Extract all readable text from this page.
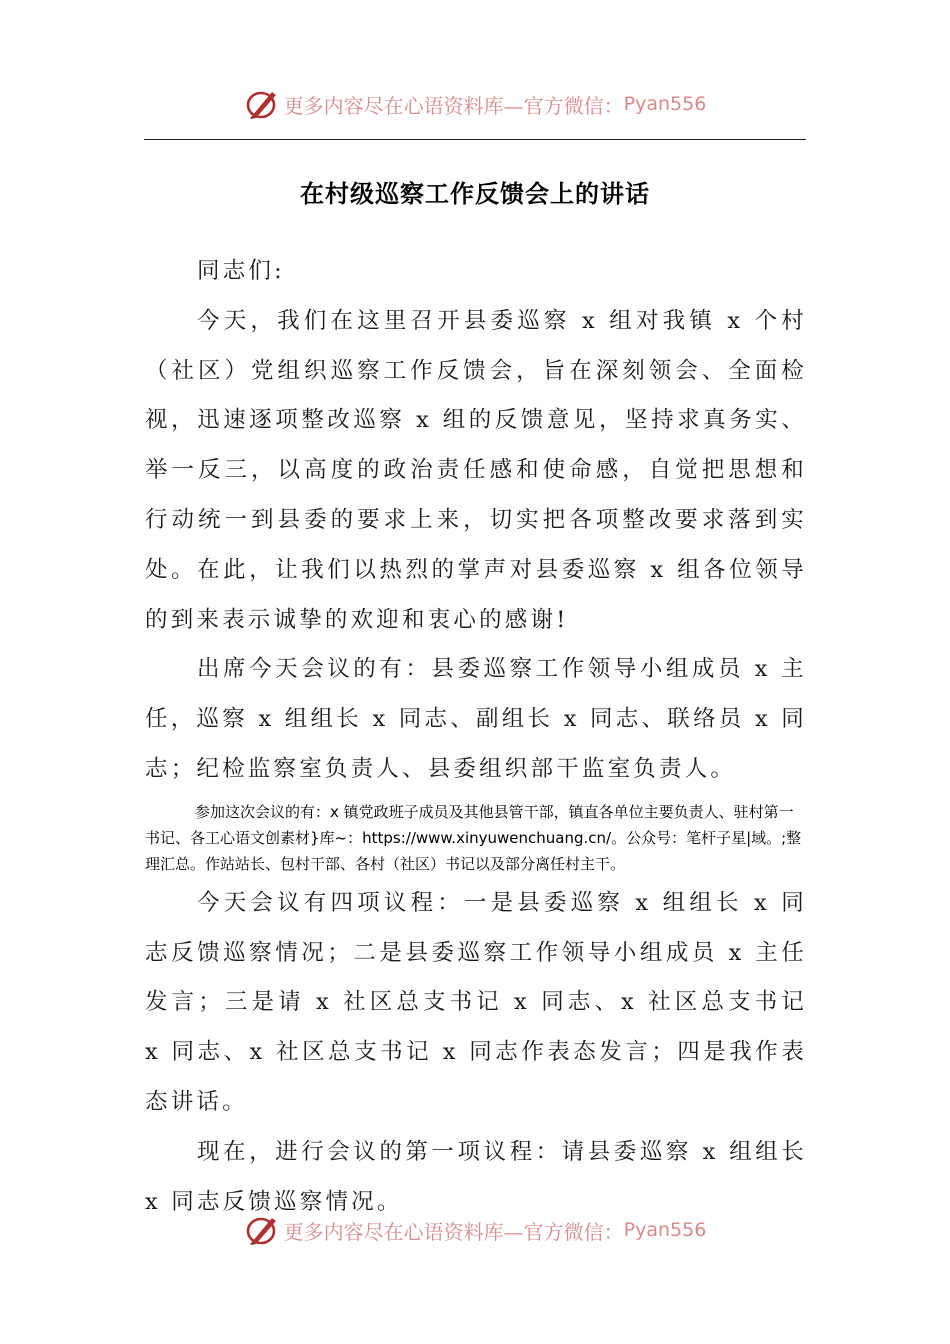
更多内容尽在心语资料库—官方微信： Pyan556
在村级巡察工作反馈会上的讲话

同志们:

今天，我们在这里召开县委巡察 x 组对我镇 x 个村（社区）党组织巡察工作反馈会，旨在深刻领会、全面检视，迅速逐项整改巡察 x 组的反馈意见，坚持求真务实、举一反三，以高度的政治责任感和使命感，自觉把思想和行动统一到县委的要求上来，切实把各项整改要求落到实处。在此，让我们以热烈的掌声对县委巡察 x 组各位领导的到来表示诚挚的欢迎和衷心的感谢!

出席今天会议的有：县委巡察工作领导小组成员 x 主任，巡察 x 组组长 x 同志、副组长 x 同志、联络员 x 同志；纪检监察室负责人、县委组织部干监室负责人。

参加这次会议的有：x 镇党政班子成员及其他县管干部，镇直各单位主要负责人、驻村第一书记、各工心语文创素材}库~：https://www.xinyuwenchuang.cn/。公众号：笔杆子星|域。;整理汇总。作站站长、包村干部、各村（社区）书记以及部分离任村主干。

今天会议有四项议程：一是县委巡察 x 组组长 x 同志反馈巡察情况；二是县委巡察工作领导小组成员 x 主任发言；三是请 x 社区总支书记 x 同志、x 社区总支书记 x 同志、x 社区总支书记 x 同志作表态发言；四是我作表态讲话。

现在，进行会议的第一项议程：请县委巡察 x 组组长 x 同志反馈巡察情况。

更多内容尽在心语资料库—官方微信： Pyan556
